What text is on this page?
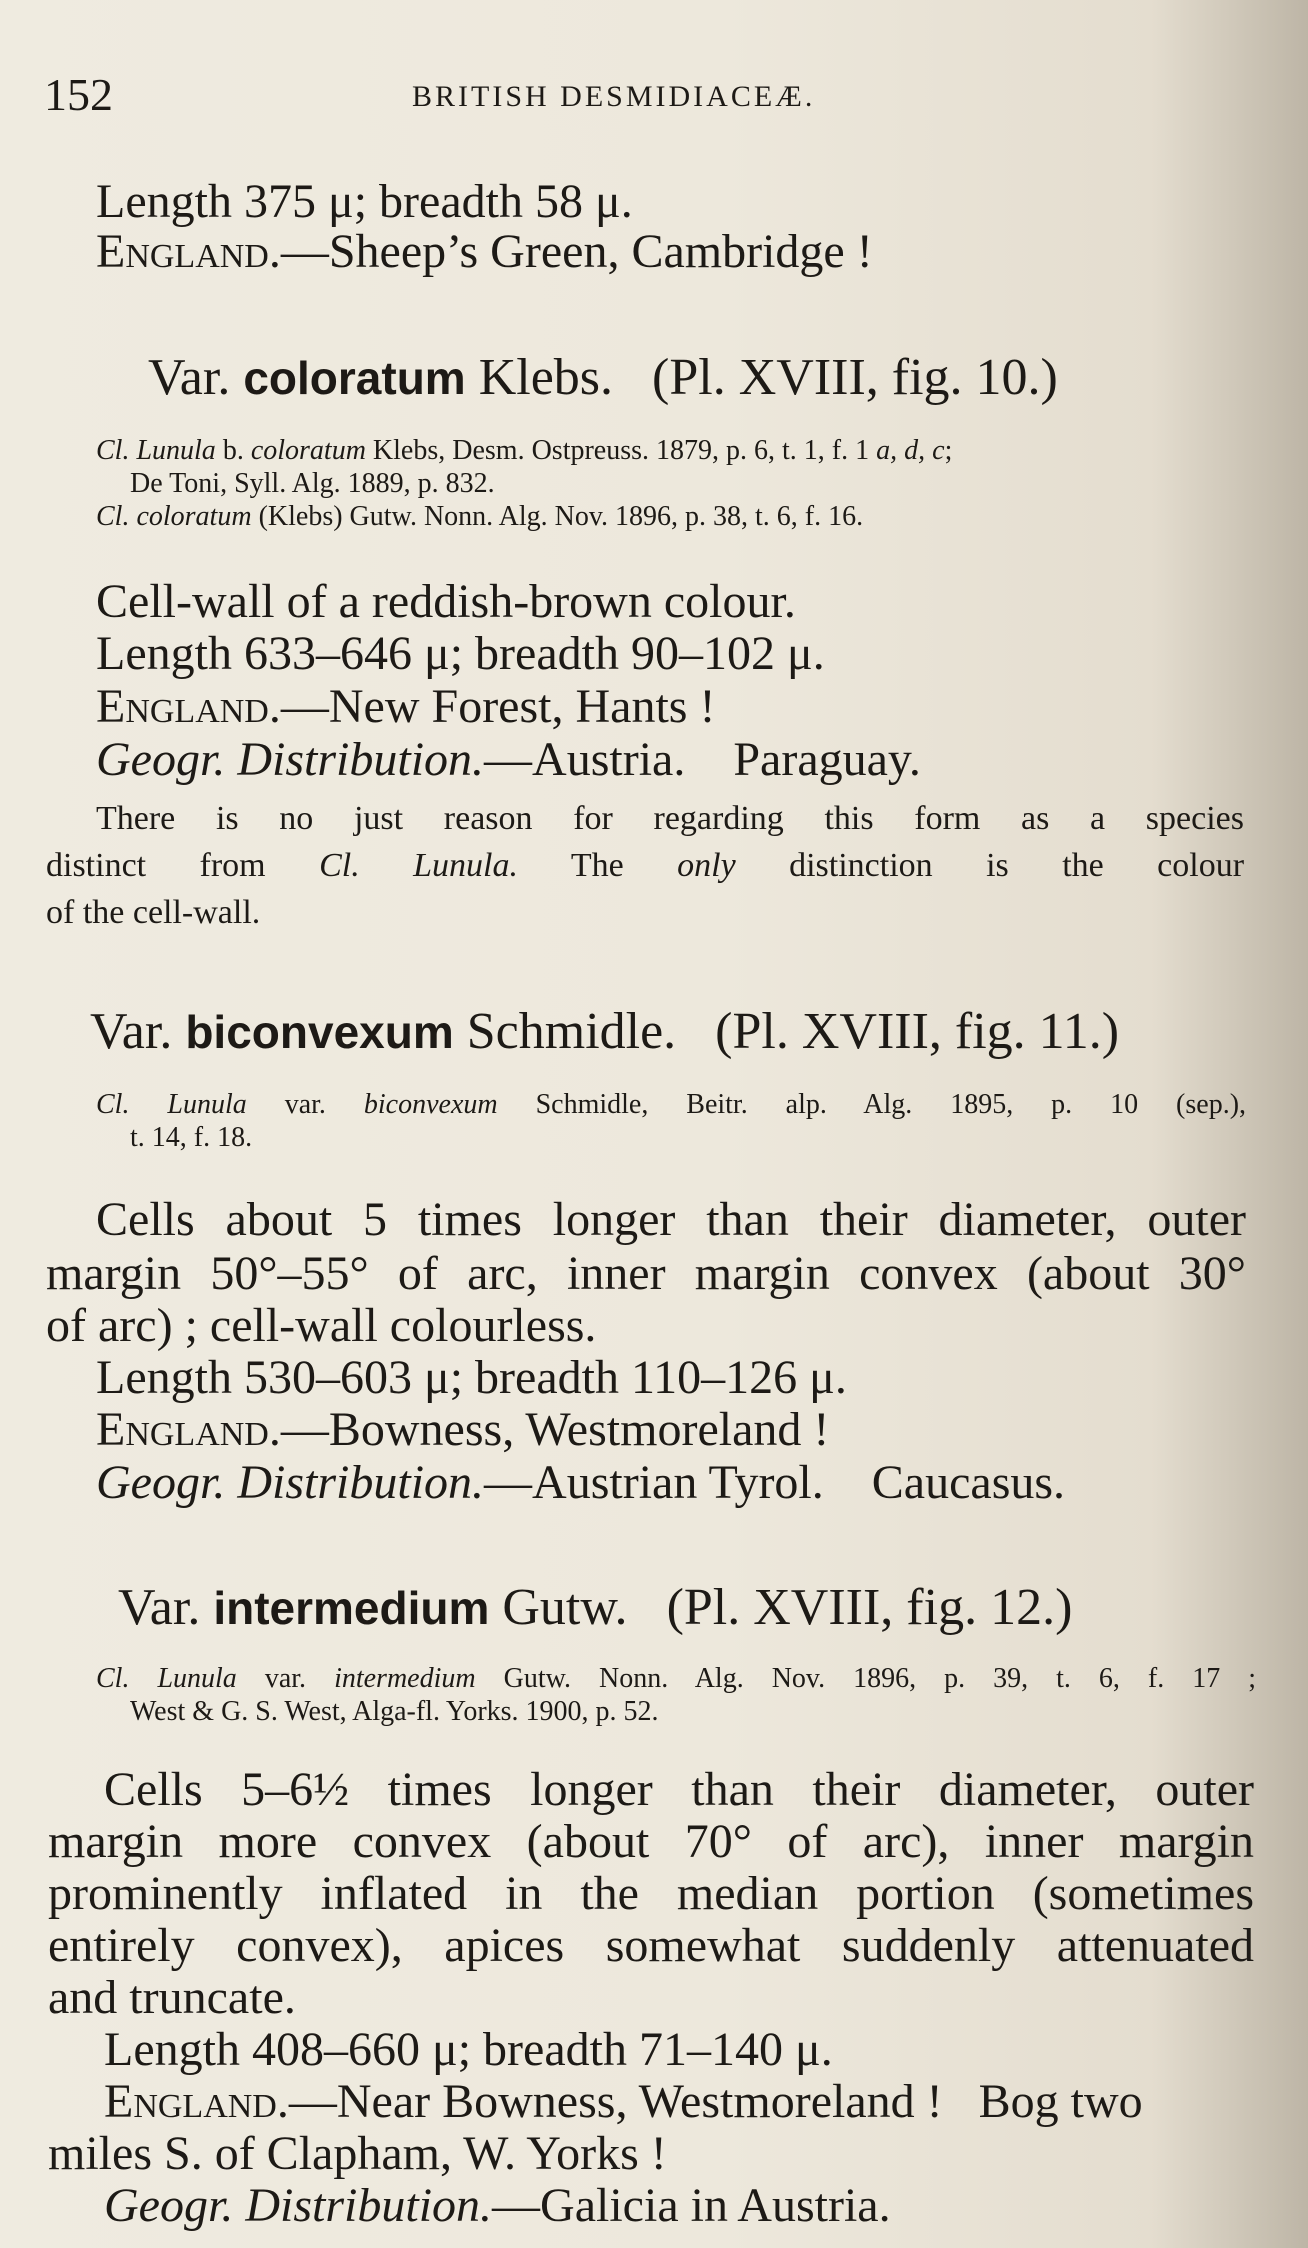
152	BRITISH DESMIDIACEÆ.
Length 375 μ; breadth 58 μ.
England.—Sheep’s Green, Cambridge !
Var. coloratum Klebs. (Pl. XVIII, fig. 10.)
Cl. Lunula b. coloratum Klebs, Desm. Ostpreuss. 1879, p. 6, t. 1, f. 1 a, d, c;
De Toni, Syll. Alg. 1889, p. 832.
Cl. coloratum (Klebs) Gutw. Nonn. Alg. Nov. 1896, p. 38, t. 6, f. 16.
Cell-wall of a reddish-brown colour.
Length 633–646 μ; breadth 90–102 μ.
England.—New Forest, Hants !
Geogr. Distribution.—Austria.    Paraguay.
There is no just reason for regarding this form as a species
distinct from Cl. Lunula. The only distinction is the colour
of the cell-wall.
Var. biconvexum Schmidle. (Pl. XVIII, fig. 11.)
Cl. Lunula var. biconvexum Schmidle, Beitr. alp. Alg. 1895, p. 10 (sep.),
t. 14, f. 18.
Cells about 5 times longer than their diameter, outer
margin 50°–55° of arc, inner margin convex (about 30°
of arc) ; cell-wall colourless.
Length 530–603 μ; breadth 110–126 μ.
England.—Bowness, Westmoreland !
Geogr. Distribution.—Austrian Tyrol.    Caucasus.
Var. intermedium Gutw. (Pl. XVIII, fig. 12.)
Cl. Lunula var. intermedium Gutw. Nonn. Alg. Nov. 1896, p. 39, t. 6, f. 17 ;
West & G. S. West, Alga-fl. Yorks. 1900, p. 52.
Cells 5–6½ times longer than their diameter, outer
margin more convex (about 70° of arc), inner margin
prominently inflated in the median portion (sometimes
entirely convex), apices somewhat suddenly attenuated
and truncate.
Length 408–660 μ; breadth 71–140 μ.
England.—Near Bowness, Westmoreland !   Bog two
miles S. of Clapham, W. Yorks !
Geogr. Distribution.—Galicia in Austria.
